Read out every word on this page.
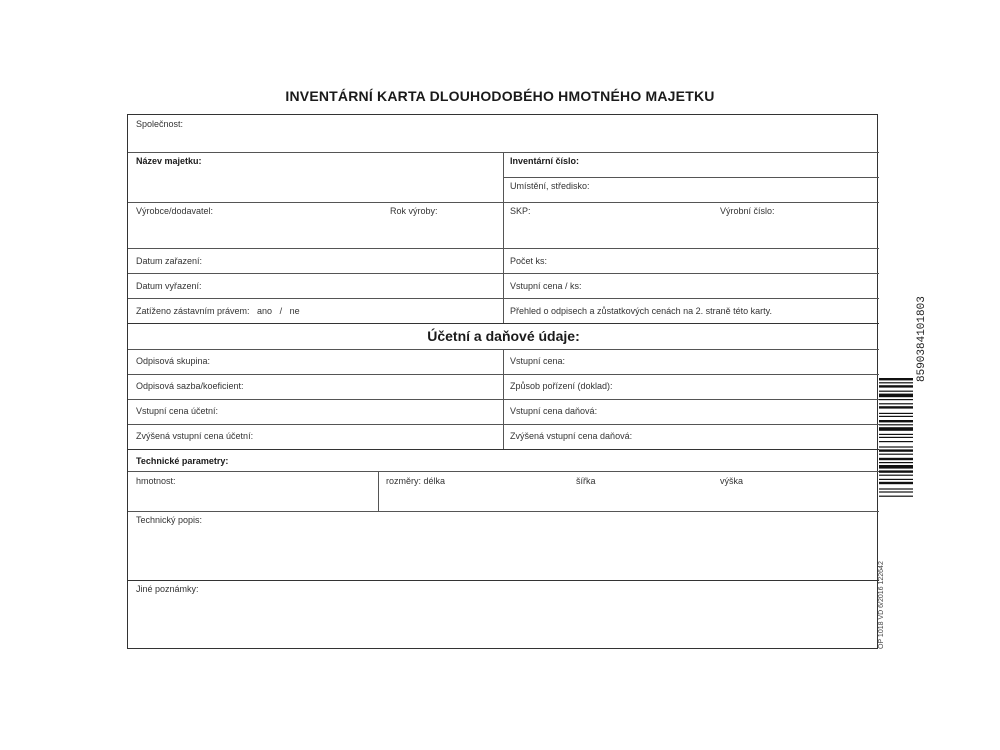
INVENTÁRNÍ KARTA DLOUHODOBÉHO HMOTNÉHO MAJETKU
Společnost:
Název majetku:	Inventární číslo:
Umístění, středisko:
Výrobce/dodavatel:	Rok výroby:	SKP:	Výrobní číslo:
Datum zařazení:	Počet ks:
Datum vyřazení:	Vstupní cena / ks:
Zatíženo zástavním právem:   ano   /   ne	Přehled o odpisech a zůstatkových cenách na 2. straně této karty.
Účetní a daňové údaje:
Odpisová skupina:	Vstupní cena:
Odpisová sazba/koeficient:	Způsob pořízení (doklad):
Vstupní cena účetní:	Vstupní cena daňová:
Zvýšená vstupní cena účetní:	Zvýšená vstupní cena daňová:
Technické parametry:
hmotnost:	rozměry: délka	šířka	výška
Technický popis:
Jiné poznámky:
8590384101803
OP 1018 VD 6/2016 122642
